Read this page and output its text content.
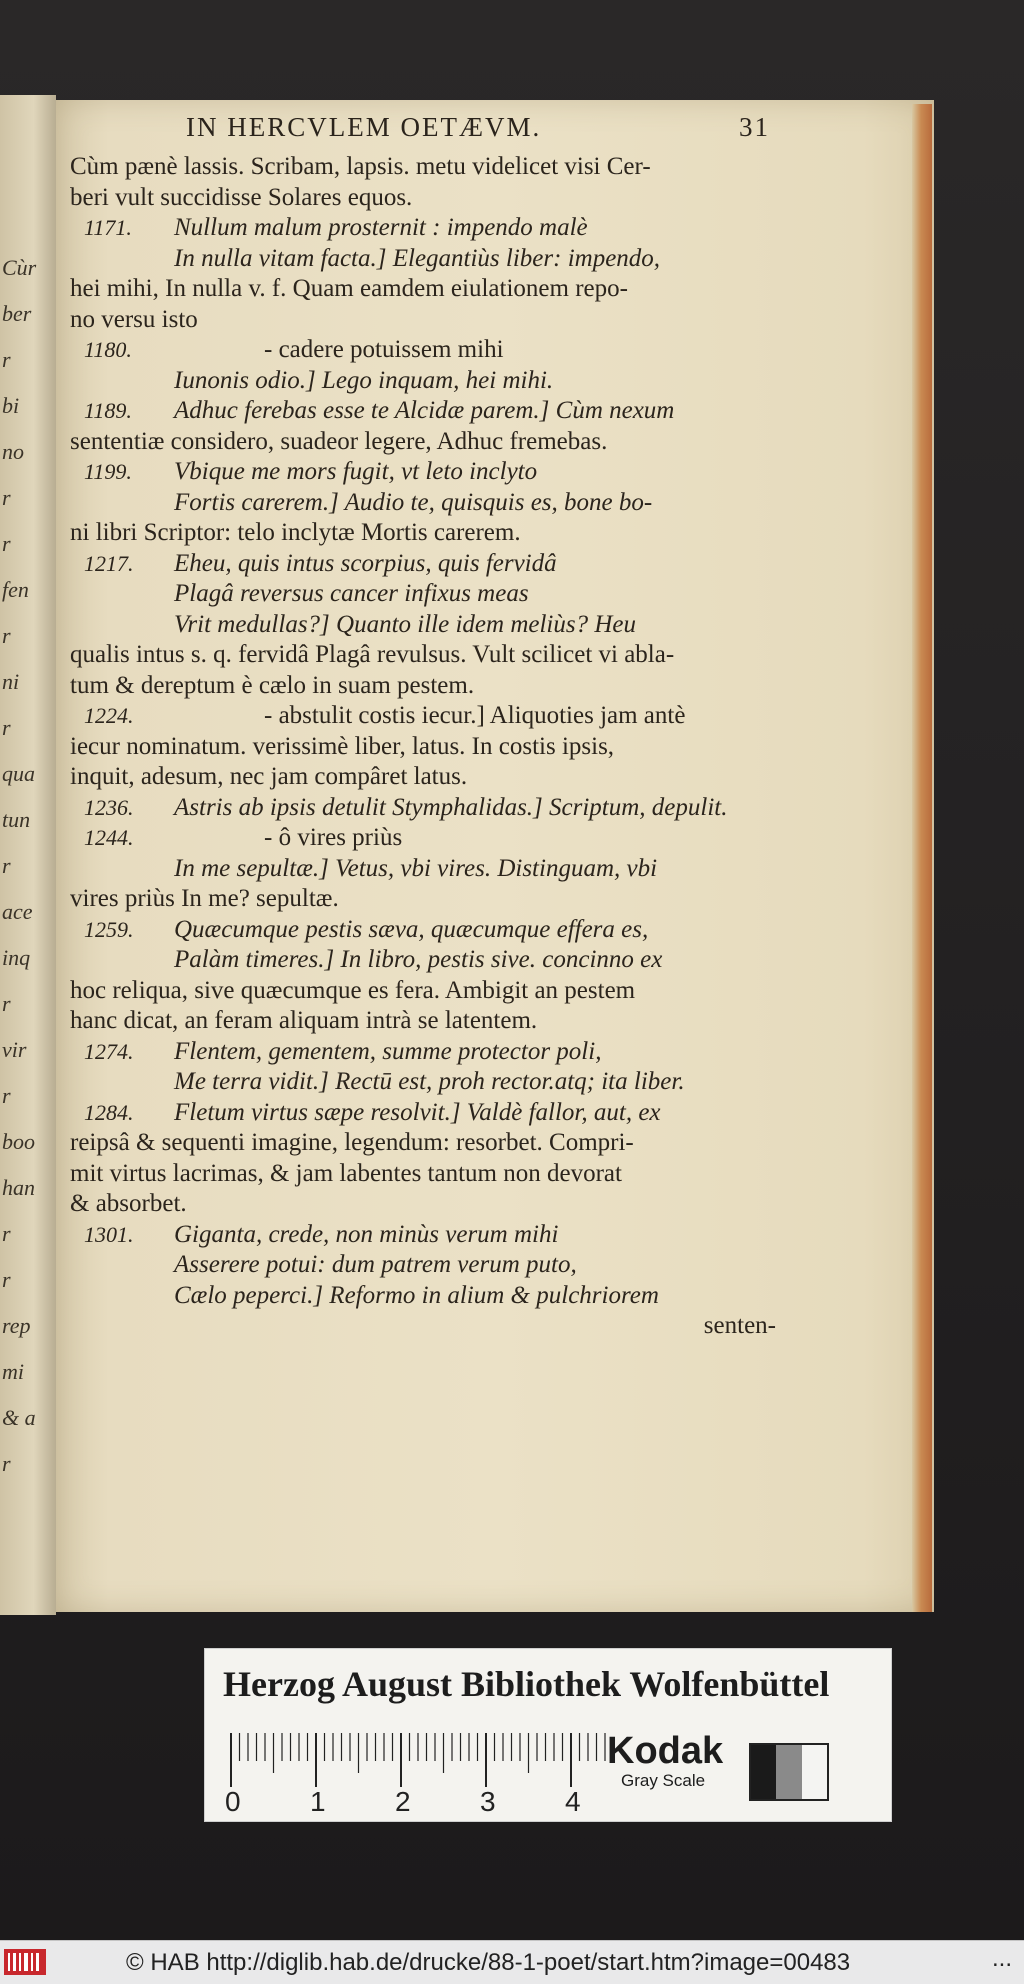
Cùr
ber
r
bi
no
r
r
fen
r
ni
r
qua
tun
r
ace
inq
r
vir
r
boo
han
r
r
rep
mi
& a
r
IN HERCVLEM OETÆVM.	31
Cùm pænè lassis. Scribam, lapsis. metu videlicet visi Cer-
beri vult succidisse Solares equos.
1171. Nullum malum prosternit : impendo malè
In nulla vitam facta.] Elegantiùs liber: impendo,
hei mihi, In nulla v. f. Quam eamdem eiulationem repo-
no versu isto
1180.	- cadere potuissem mihi
Iunonis odio.] Lego inquam, hei mihi.
1189. Adhuc ferebas esse te Alcidæ parem.] Cùm nexum
sententiæ considero, suadeor legere, Adhuc fremebas.
1199. Vbique me mors fugit, vt leto inclyto
Fortis carerem.] Audio te, quisquis es, bone bo-
ni libri Scriptor: telo inclytæ Mortis carerem.
1217. Eheu, quis intus scorpius, quis fervidâ
Plagâ reversus cancer infixus meas
Vrit medullas?] Quanto ille idem meliùs? Heu
qualis intus s. q. fervidâ Plagâ revulsus. Vult scilicet vi abla-
tum & dereptum è cælo in suam pestem.
1224.	- abstulit costis iecur.] Aliquoties jam antè
iecur nominatum. verissimè liber, latus. In costis ipsis,
inquit, adesum, nec jam compâret latus.
1236. Astris ab ipsis detulit Stymphalidas.] Scriptum, depulit.
1244.	- ô vires priùs
In me sepultæ.] Vetus, vbi vires. Distinguam, vbi
vires priùs In me? sepultæ.
1259. Quæcumque pestis sæva, quæcumque effera es,
Palàm timeres.] In libro, pestis sive. concinno ex
hoc reliqua, sive quæcumque es fera. Ambigit an pestem
hanc dicat, an feram aliquam intrà se latentem.
1274. Flentem, gementem, summe protector poli,
Me terra vidit.] Rectū est, proh rector.atq; ita liber.
1284. Fletum virtus sæpe resolvit.] Valdè fallor, aut, ex
reipsâ & sequenti imagine, legendum: resorbet. Compri-
mit virtus lacrimas, & jam labentes tantum non devorat
& absorbet.
1301. Giganta, crede, non minùs verum mihi
Asserere potui: dum patrem verum puto,
Cælo peperci.] Reformo in alium & pulchriorem
senten-
Herzog August Bibliothek Wolfenbüttel
0 1 2 3 4
Kodak
Gray Scale
© HAB http://diglib.hab.de/drucke/88-1-poet/start.htm?image=00483	...
